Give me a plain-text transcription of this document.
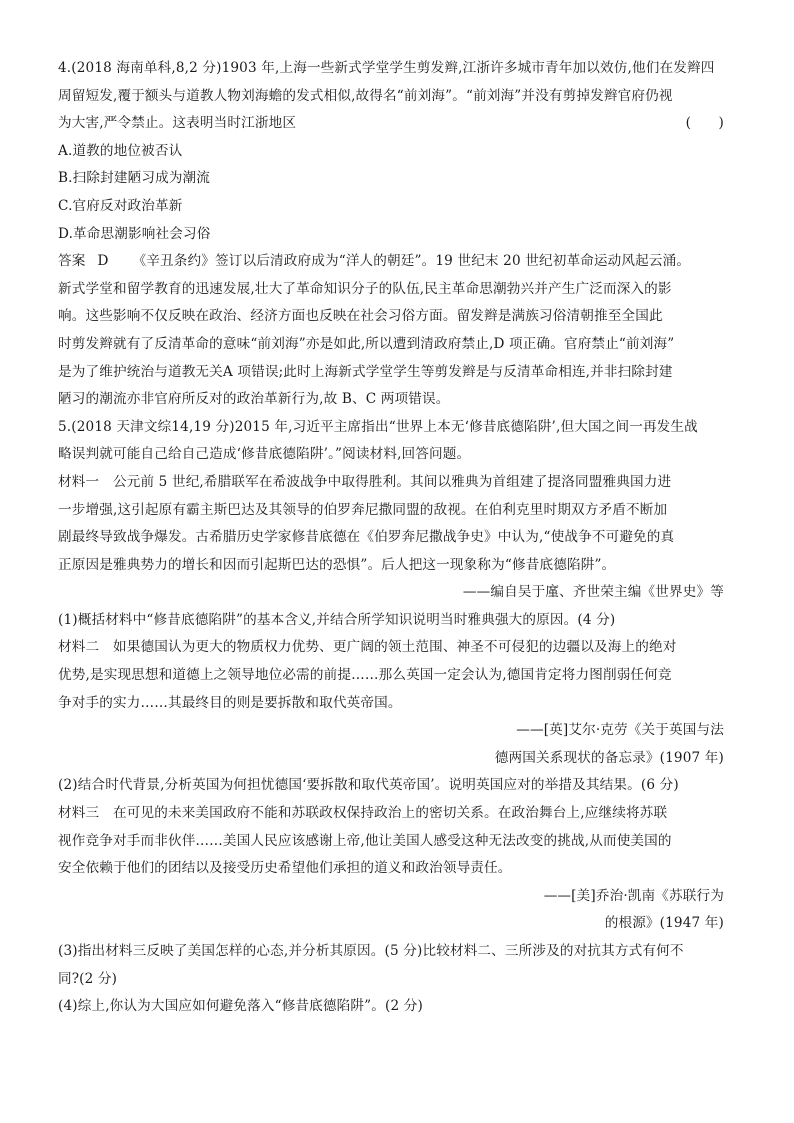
4.(2018 海南单科,8,2 分)1903 年,上海一些新式学堂学生剪发辫,江浙许多城市青年加以效仿,他们在发辫四
周留短发,覆于额头与道教人物刘海蟾的发式相似,故得名“前刘海”。“前刘海”并没有剪掉发辫官府仍视
为大害,严令禁止。这表明当时江浙地区	(　　)
A.道教的地位被否认
B.扫除封建陋习成为潮流
C.官府反对政治革新
D.革命思潮影响社会习俗
答案 D 《辛丑条约》签订以后清政府成为“洋人的朝廷”。19 世纪末 20 世纪初革命运动风起云涌。
新式学堂和留学教育的迅速发展,壮大了革命知识分子的队伍,民主革命思潮勃兴并产生广泛而深入的影
响。这些影响不仅反映在政治、经济方面也反映在社会习俗方面。留发辫是满族习俗清朝推至全国此
时剪发辫就有了反清革命的意味“前刘海”亦是如此,所以遭到清政府禁止,D 项正确。官府禁止“前刘海”
是为了维护统治与道教无关A 项错误;此时上海新式学堂学生等剪发辫是与反清革命相连,并非扫除封建
陋习的潮流亦非官府所反对的政治革新行为,故 B、C 两项错误。
5.(2018 天津文综14,19 分)2015 年,习近平主席指出“世界上本无‘修昔底德陷阱’,但大国之间一再发生战
略误判就可能自己给自己造成‘修昔底德陷阱’。”阅读材料,回答问题。
材料一　公元前 5 世纪,希腊联军在希波战争中取得胜利。其间以雅典为首组建了提洛同盟雅典国力进
一步增强,这引起原有霸主斯巴达及其领导的伯罗奔尼撒同盟的敌视。在伯利克里时期双方矛盾不断加
剧最终导致战争爆发。古希腊历史学家修昔底德在《伯罗奔尼撒战争史》中认为,“使战争不可避免的真
正原因是雅典势力的增长和因而引起斯巴达的恐惧”。后人把这一现象称为“修昔底德陷阱”。
——编自吴于廑、齐世荣主编《世界史》等
(1)概括材料中“修昔底德陷阱”的基本含义,并结合所学知识说明当时雅典强大的原因。(4 分)
材料二　如果德国认为更大的物质权力优势、更广阔的领土范围、神圣不可侵犯的边疆以及海上的绝对
优势,是实现思想和道德上之领导地位必需的前提……那么英国一定会认为,德国肯定将力图削弱任何竞
争对手的实力……其最终目的则是要拆散和取代英帝国。
——[英]艾尔·克劳《关于英国与法
德两国关系现状的备忘录》(1907 年)
(2)结合时代背景,分析英国为何担忧德国‘要拆散和取代英帝国’。说明英国应对的举措及其结果。(6 分)
材料三　在可见的未来美国政府不能和苏联政权保持政治上的密切关系。在政治舞台上,应继续将苏联
视作竞争对手而非伙伴……美国人民应该感谢上帝,他让美国人感受这种无法改变的挑战,从而使美国的
安全依赖于他们的团结以及接受历史希望他们承担的道义和政治领导责任。
——[美]乔治·凯南《苏联行为
的根源》(1947 年)
(3)指出材料三反映了美国怎样的心态,并分析其原因。(5 分)比较材料二、三所涉及的对抗其方式有何不
同?(2 分)
(4)综上,你认为大国应如何避免落入“修昔底德陷阱”。(2 分)
